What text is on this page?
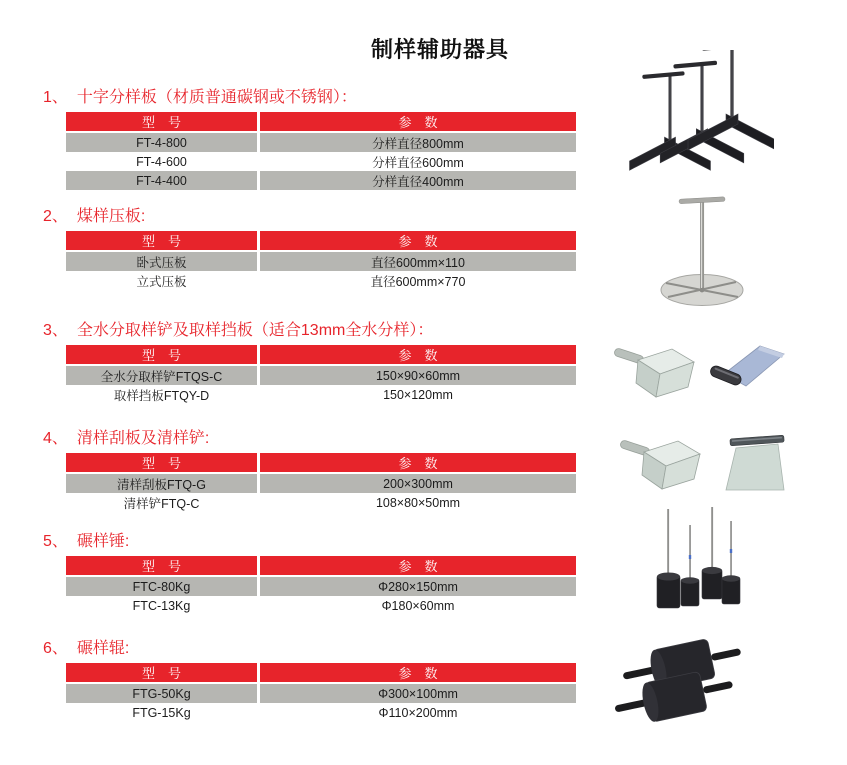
制样辅助器具
1、 十字分样板（材质普通碳钢或不锈钢）：
型　号	参　数
FT-4-800	分样直径800mm
FT-4-600	分样直径600mm
FT-4-400	分样直径400mm
2、 煤样压板:
型　号	参　数
卧式压板	直径600mm×110
立式压板	直径600mm×770
3、 全水分取样铲及取样挡板（适合13mm全水分样）：
型　号	参　数
全水分取样铲FTQS-C	150×90×60mm
取样挡板FTQY-D	150×120mm
4、 清样刮板及清样铲:
型　号	参　数
清样刮板FTQ-G	200×300mm
清样铲FTQ-C	108×80×50mm
5、 碾样锤:
型　号	参　数
FTC-80Kg	Φ280×150mm
FTC-13Kg	Φ180×60mm
6、 碾样辊:
型　号	参　数
FTG-50Kg	Φ300×100mm
FTG-15Kg	Φ110×200mm
